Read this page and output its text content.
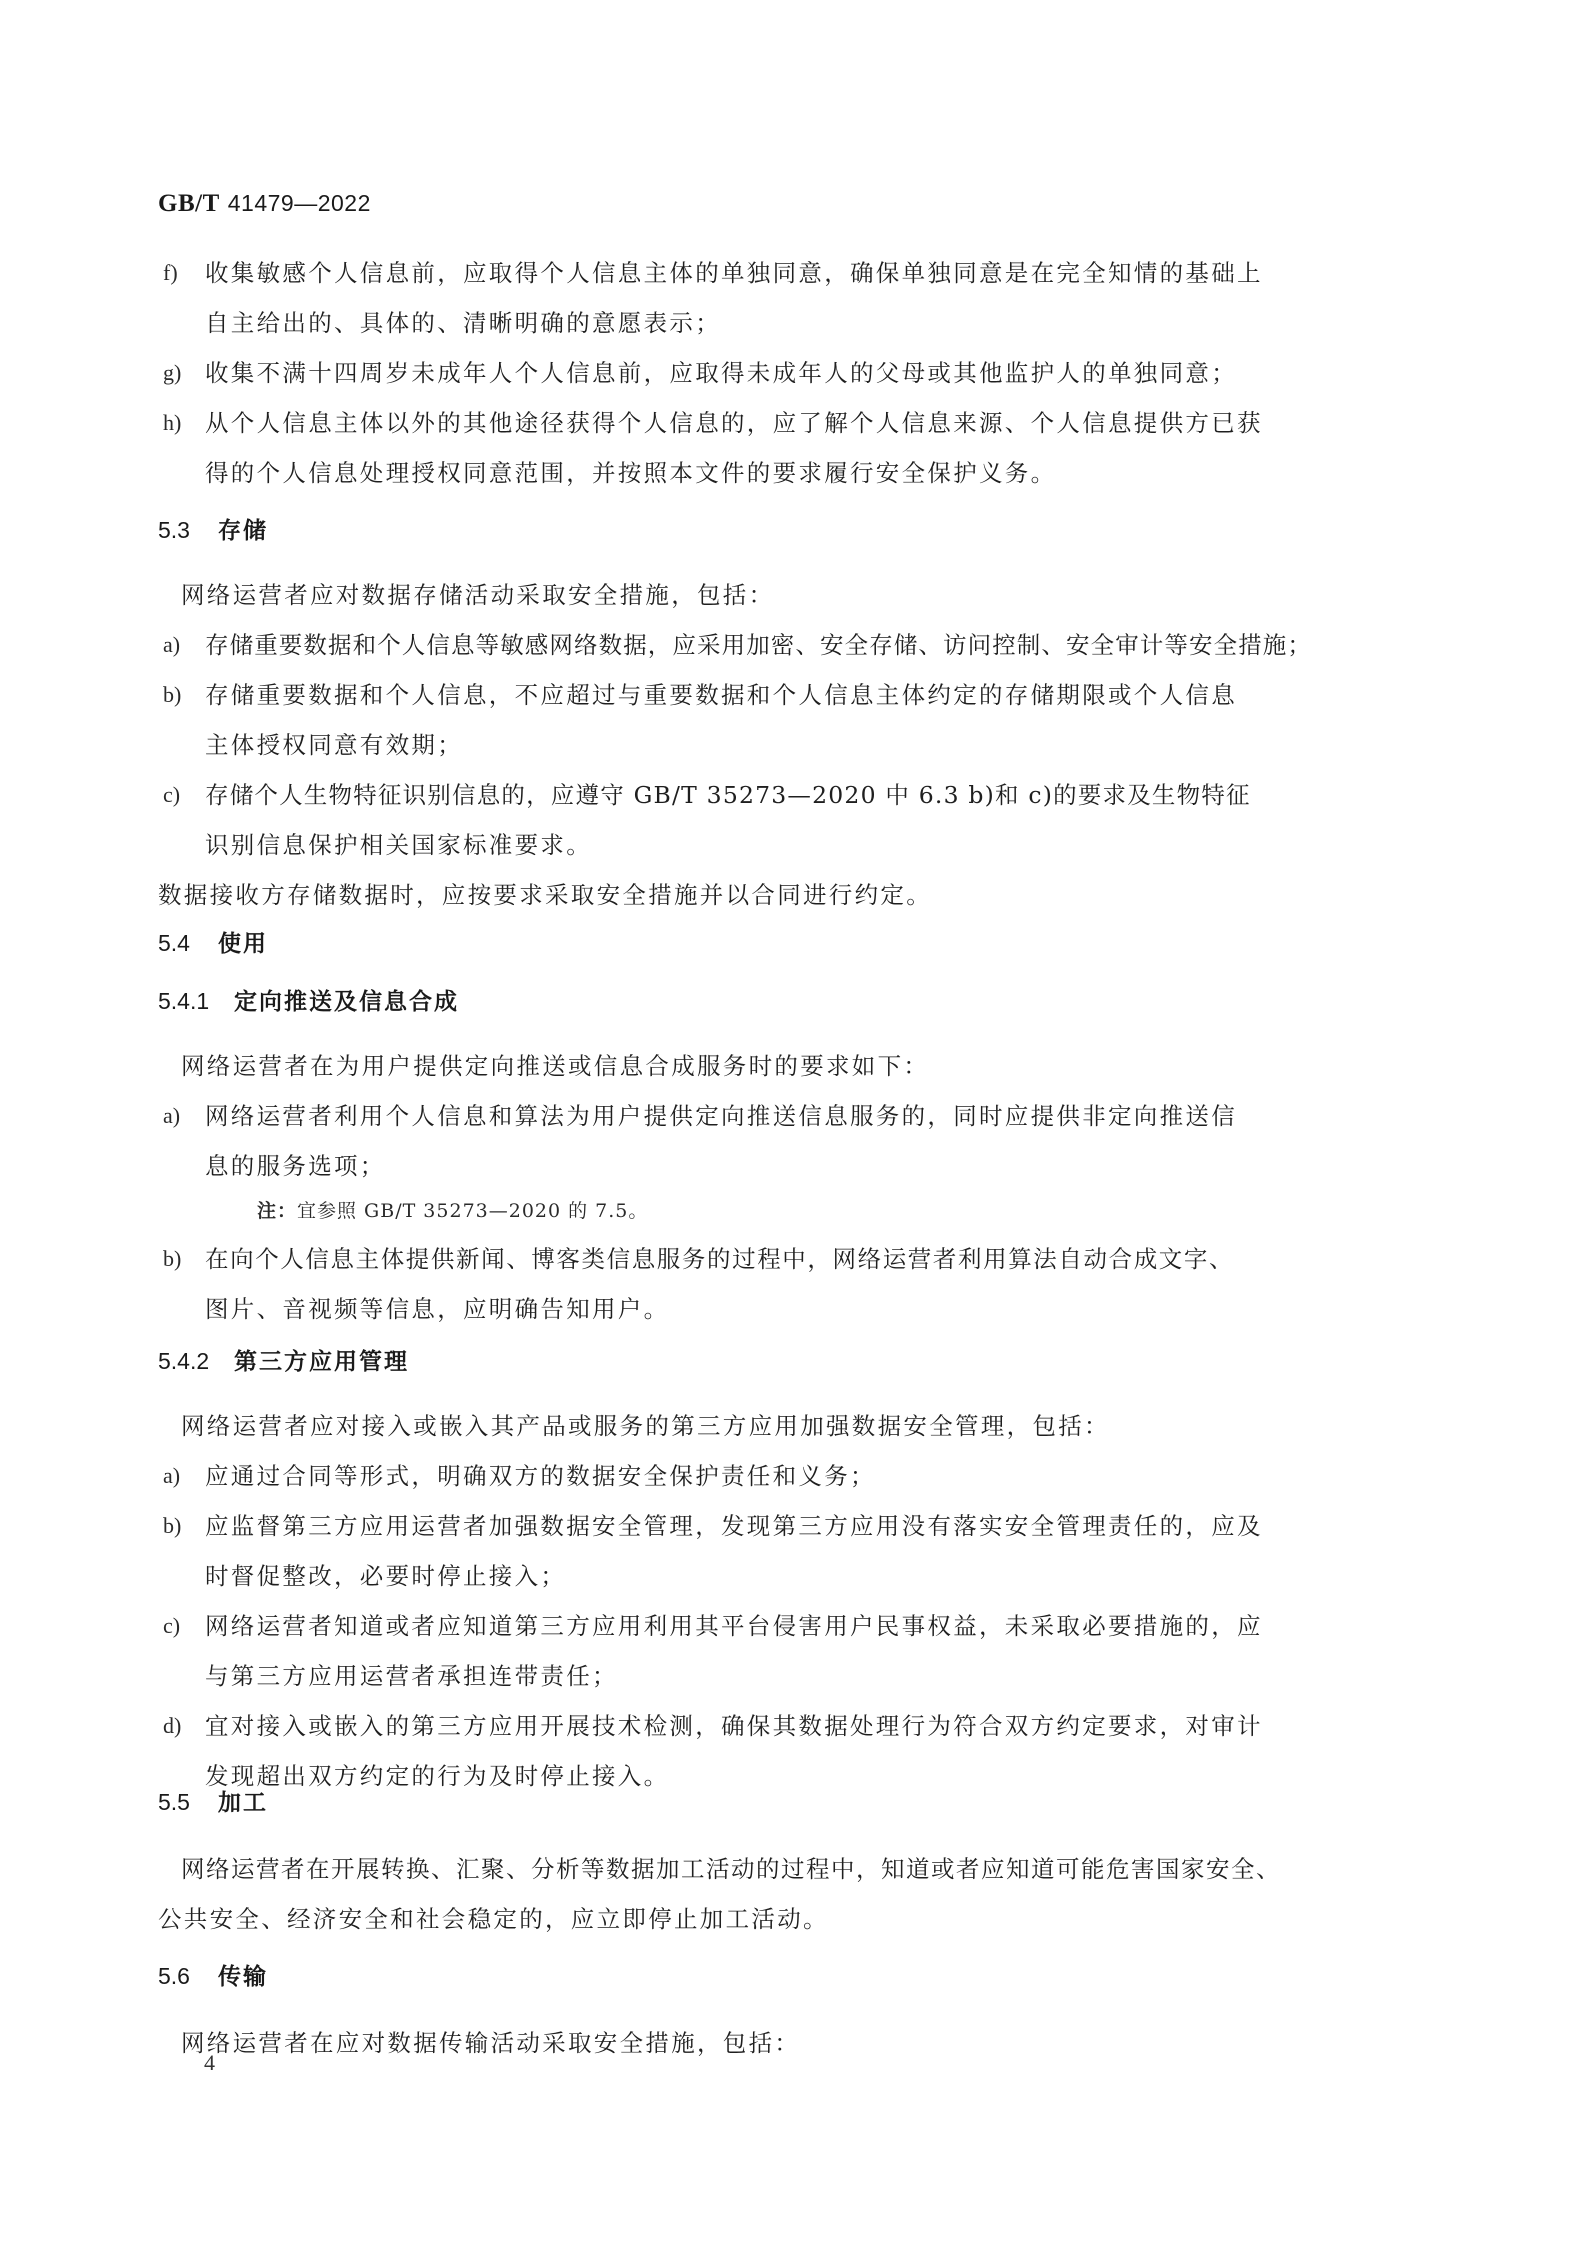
GB/T 41479—2022
f) 收集敏感个人信息前，应取得个人信息主体的单独同意，确保单独同意是在完全知情的基础上
自主给出的、具体的、清晰明确的意愿表示；
g) 收集不满十四周岁未成年人个人信息前，应取得未成年人的父母或其他监护人的单独同意；
h) 从个人信息主体以外的其他途径获得个人信息的，应了解个人信息来源、个人信息提供方已获
得的个人信息处理授权同意范围，并按照本文件的要求履行安全保护义务。
5.3 存储
网络运营者应对数据存储活动采取安全措施，包括：
a) 存储重要数据和个人信息等敏感网络数据，应采用加密、安全存储、访问控制、安全审计等安全措施；
b) 存储重要数据和个人信息，不应超过与重要数据和个人信息主体约定的存储期限或个人信息
主体授权同意有效期；
c) 存储个人生物特征识别信息的，应遵守 GB/T 35273—2020 中 6.3 b)和 c)的要求及生物特征
识别信息保护相关国家标准要求。
数据接收方存储数据时，应按要求采取安全措施并以合同进行约定。
5.4 使用
5.4.1 定向推送及信息合成
网络运营者在为用户提供定向推送或信息合成服务时的要求如下：
a) 网络运营者利用个人信息和算法为用户提供定向推送信息服务的，同时应提供非定向推送信
息的服务选项；
注：宜参照 GB/T 35273—2020 的 7.5。
b) 在向个人信息主体提供新闻、博客类信息服务的过程中，网络运营者利用算法自动合成文字、
图片、音视频等信息，应明确告知用户。
5.4.2 第三方应用管理
网络运营者应对接入或嵌入其产品或服务的第三方应用加强数据安全管理，包括：
a) 应通过合同等形式，明确双方的数据安全保护责任和义务；
b) 应监督第三方应用运营者加强数据安全管理，发现第三方应用没有落实安全管理责任的，应及
时督促整改，必要时停止接入；
c) 网络运营者知道或者应知道第三方应用利用其平台侵害用户民事权益，未采取必要措施的，应
与第三方应用运营者承担连带责任；
d) 宜对接入或嵌入的第三方应用开展技术检测，确保其数据处理行为符合双方约定要求，对审计
发现超出双方约定的行为及时停止接入。
5.5 加工
网络运营者在开展转换、汇聚、分析等数据加工活动的过程中，知道或者应知道可能危害国家安全、
公共安全、经济安全和社会稳定的，应立即停止加工活动。
5.6 传输
网络运营者在应对数据传输活动采取安全措施，包括：
4
